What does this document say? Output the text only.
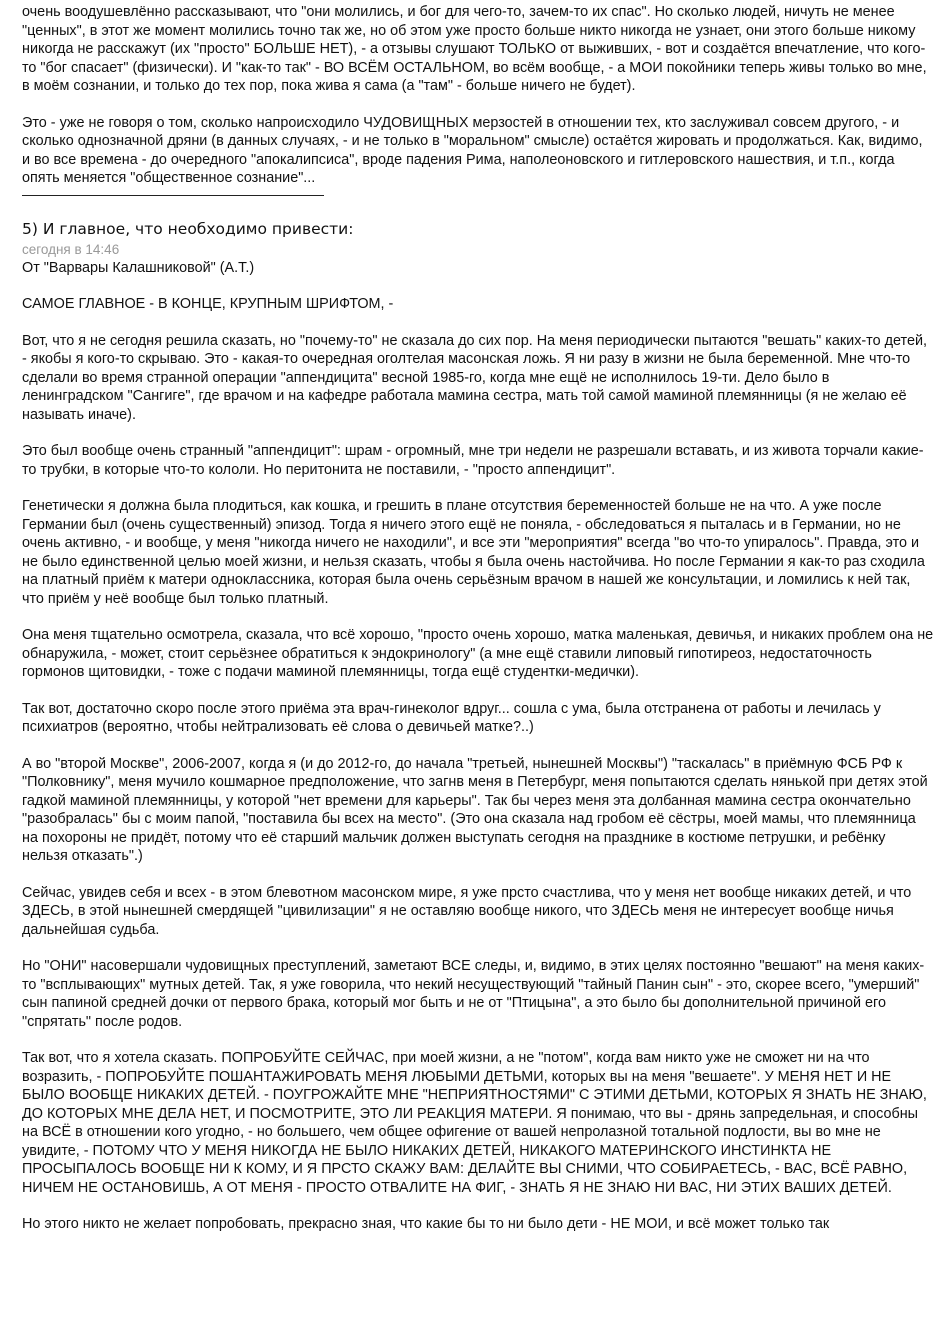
очень воодушевлённо рассказывают, что "они молились, и бог для чего-то, зачем-то их спас". Но сколько людей, ничуть не менее "ценных", в этот же момент молились точно так же, но об этом уже просто больше никто никогда не узнает, они этого больше никому никогда не расскажут (их "просто" БОЛЬШЕ НЕТ), - а отзывы слушают ТОЛЬКО от выживших, - вот и создаётся впечатление, что кого-то "бог спасает" (физически). И "как-то так" - ВО ВСЁМ ОСТАЛЬНОМ, во всём вообще, - а МОИ покойники теперь живы только во мне, в моём сознании, и только до тех пор, пока жива я сама (а "там" - больше ничего не будет).

Это - уже не говоря о том, сколько напроисходило ЧУДОВИЩНЫХ мерзостей в отношении тех, кто заслуживал совсем другого, - и сколько однозначной дряни (в данных случаях, - и не только в "моральном" смысле) остаётся жировать и продолжаться. Как, видимо, и во все времена - до очередного "апокалипсиса", вроде падения Рима, наполеоновского и гитлеровского нашествия, и т.п., когда опять меняется "общественное сознание"...

5) И главное, что необходимо привести:
сегодня в 14:46

От "Варвары Калашниковой" (А.Т.)

САМОЕ ГЛАВНОЕ - В КОНЦЕ, КРУПНЫМ ШРИФТОМ, -

Вот, что я не сегодня решила сказать, но "почему-то" не сказала до сих пор. На меня периодически пытаются "вешать" каких-то детей, - якобы я кого-то скрываю. Это - какая-то очередная оголтелая масонская ложь. Я ни разу в жизни не была беременной. Мне что-то сделали во время странной операции "аппендицита" весной 1985-го, когда мне ещё не исполнилось 19-ти. Дело было в ленинградском "Сангиге", где врачом и на кафедре работала мамина сестра, мать той самой маминой племянницы (я не желаю её называть иначе).

Это был вообще очень странный "аппендицит": шрам - огромный, мне три недели не разрешали вставать, и из живота торчали какие-то трубки, в которые что-то кололи. Но перитонита не поставили, - "просто аппендицит".

Генетически я должна была плодиться, как кошка, и грешить в плане отсутствия беременностей больше не на что. А уже после Германии был (очень существенный) эпизод. Тогда я ничего этого ещё не поняла, - обследоваться я пыталась и в Германии, но не очень активно, - и вообще, у меня "никогда ничего не находили", и все эти "мероприятия" всегда "во что-то упиралось". Правда, это и не было единственной целью моей жизни, и нельзя сказать, чтобы я была очень настойчива. Но после Германии я как-то раз сходила на платный приём к матери одноклассника, которая была очень серьёзным врачом в нашей же консультации, и ломились к ней так, что приём у неё вообще был только платный.

Она меня тщательно осмотрела, сказала, что всё хорошо, "просто очень хорошо, матка маленькая, девичья, и никаких проблем она не обнаружила, - может, стоит серьёзнее обратиться к эндокринологу" (а мне ещё ставили липовый гипотиреоз, недостаточность гормонов щитовидки, - тоже с подачи маминой племянницы, тогда ещё студентки-медички).

Так вот, достаточно скоро после этого приёма эта врач-гинеколог вдруг... сошла с ума, была отстранена от работы и лечилась у психиатров (вероятно, чтобы нейтрализовать её слова о девичьей матке?..)

А во "второй Москве", 2006-2007, когда я (и до 2012-го, до начала "третьей, нынешней Москвы") "таскалась" в приёмную ФСБ РФ к "Полковнику", меня мучило кошмарное предположение, что загнв меня в Петербург, меня попытаются сделать нянькой при детях этой гадкой маминой племянницы, у которой "нет времени для карьеры". Так бы через меня эта долбанная мамина сестра окончательно "разобралась" бы с моим папой, "поставила бы всех на место". (Это она сказала над гробом её сёстры, моей мамы, что племянница на похороны не придёт, потому что её старший мальчик должен выступать сегодня на празднике в костюме петрушки, и ребёнку нельзя отказать".)

Сейчас, увидев себя и всех - в этом блевотном масонском мире, я уже прсто счастлива, что у меня нет вообще никаких детей, и что ЗДЕСЬ, в этой нынешней смердящей "цивилизации" я не оставляю вообще никого, что ЗДЕСЬ меня не интересует вообще ничья дальнейшая судьба.

Но "ОНИ" насовершали чудовищных преступлений, заметают ВСЕ следы, и, видимо, в этих целях постоянно "вешают" на меня каких-то "всплывающих" мутных детей. Так, я уже говорила, что некий несуществующий "тайный Панин сын" - это, скорее всего, "умерший" сын папиной средней дочки от первого брака, который мог быть и не от "Птицына", а это было бы дополнительной причиной его "спрятать" после родов.

Так вот, что я хотела сказать. ПОПРОБУЙТЕ СЕЙЧАС, при моей жизни, а не "потом", когда вам никто уже не сможет ни на что возразить, - ПОПРОБУЙТЕ ПОШАНТАЖИРОВАТЬ МЕНЯ ЛЮБЫМИ ДЕТЬМИ, которых вы на меня "вешаете". У МЕНЯ НЕТ И НЕ БЫЛО ВООБЩЕ НИКАКИХ ДЕТЕЙ. - ПОУГРОЖАЙТЕ МНЕ "НЕПРИЯТНОСТЯМИ" С ЭТИМИ ДЕТЬМИ, КОТОРЫХ Я ЗНАТЬ НЕ ЗНАЮ, ДО КОТОРЫХ МНЕ ДЕЛА НЕТ, И ПОСМОТРИТЕ, ЭТО ЛИ РЕАКЦИЯ МАТЕРИ. Я понимаю, что вы - дрянь запредельная, и способны на ВСЁ в отношении кого угодно, - но большего, чем общее офигение от вашей непролазной тотальной подлости, вы во мне не увидите, - ПОТОМУ ЧТО У МЕНЯ НИКОГДА НЕ БЫЛО НИКАКИХ ДЕТЕЙ, НИКАКОГО МАТЕРИНСКОГО ИНСТИНКТА НЕ ПРОСЫПАЛОСЬ ВООБЩЕ НИ К КОМУ, И Я ПРСТО СКАЖУ ВАМ: ДЕЛАЙТЕ ВЫ СНИМИ, ЧТО СОБИРАЕТЕСЬ, - ВАС, ВСЁ РАВНО, НИЧЕМ НЕ ОСТАНОВИШЬ, А ОТ МЕНЯ - ПРОСТО ОТВАЛИТЕ НА ФИГ, - ЗНАТЬ Я НЕ ЗНАЮ НИ ВАС, НИ ЭТИХ ВАШИХ ДЕТЕЙ.

Но этого никто не желает попробовать, прекрасно зная, что какие бы то ни было дети - НЕ МОИ, и всё может только так
